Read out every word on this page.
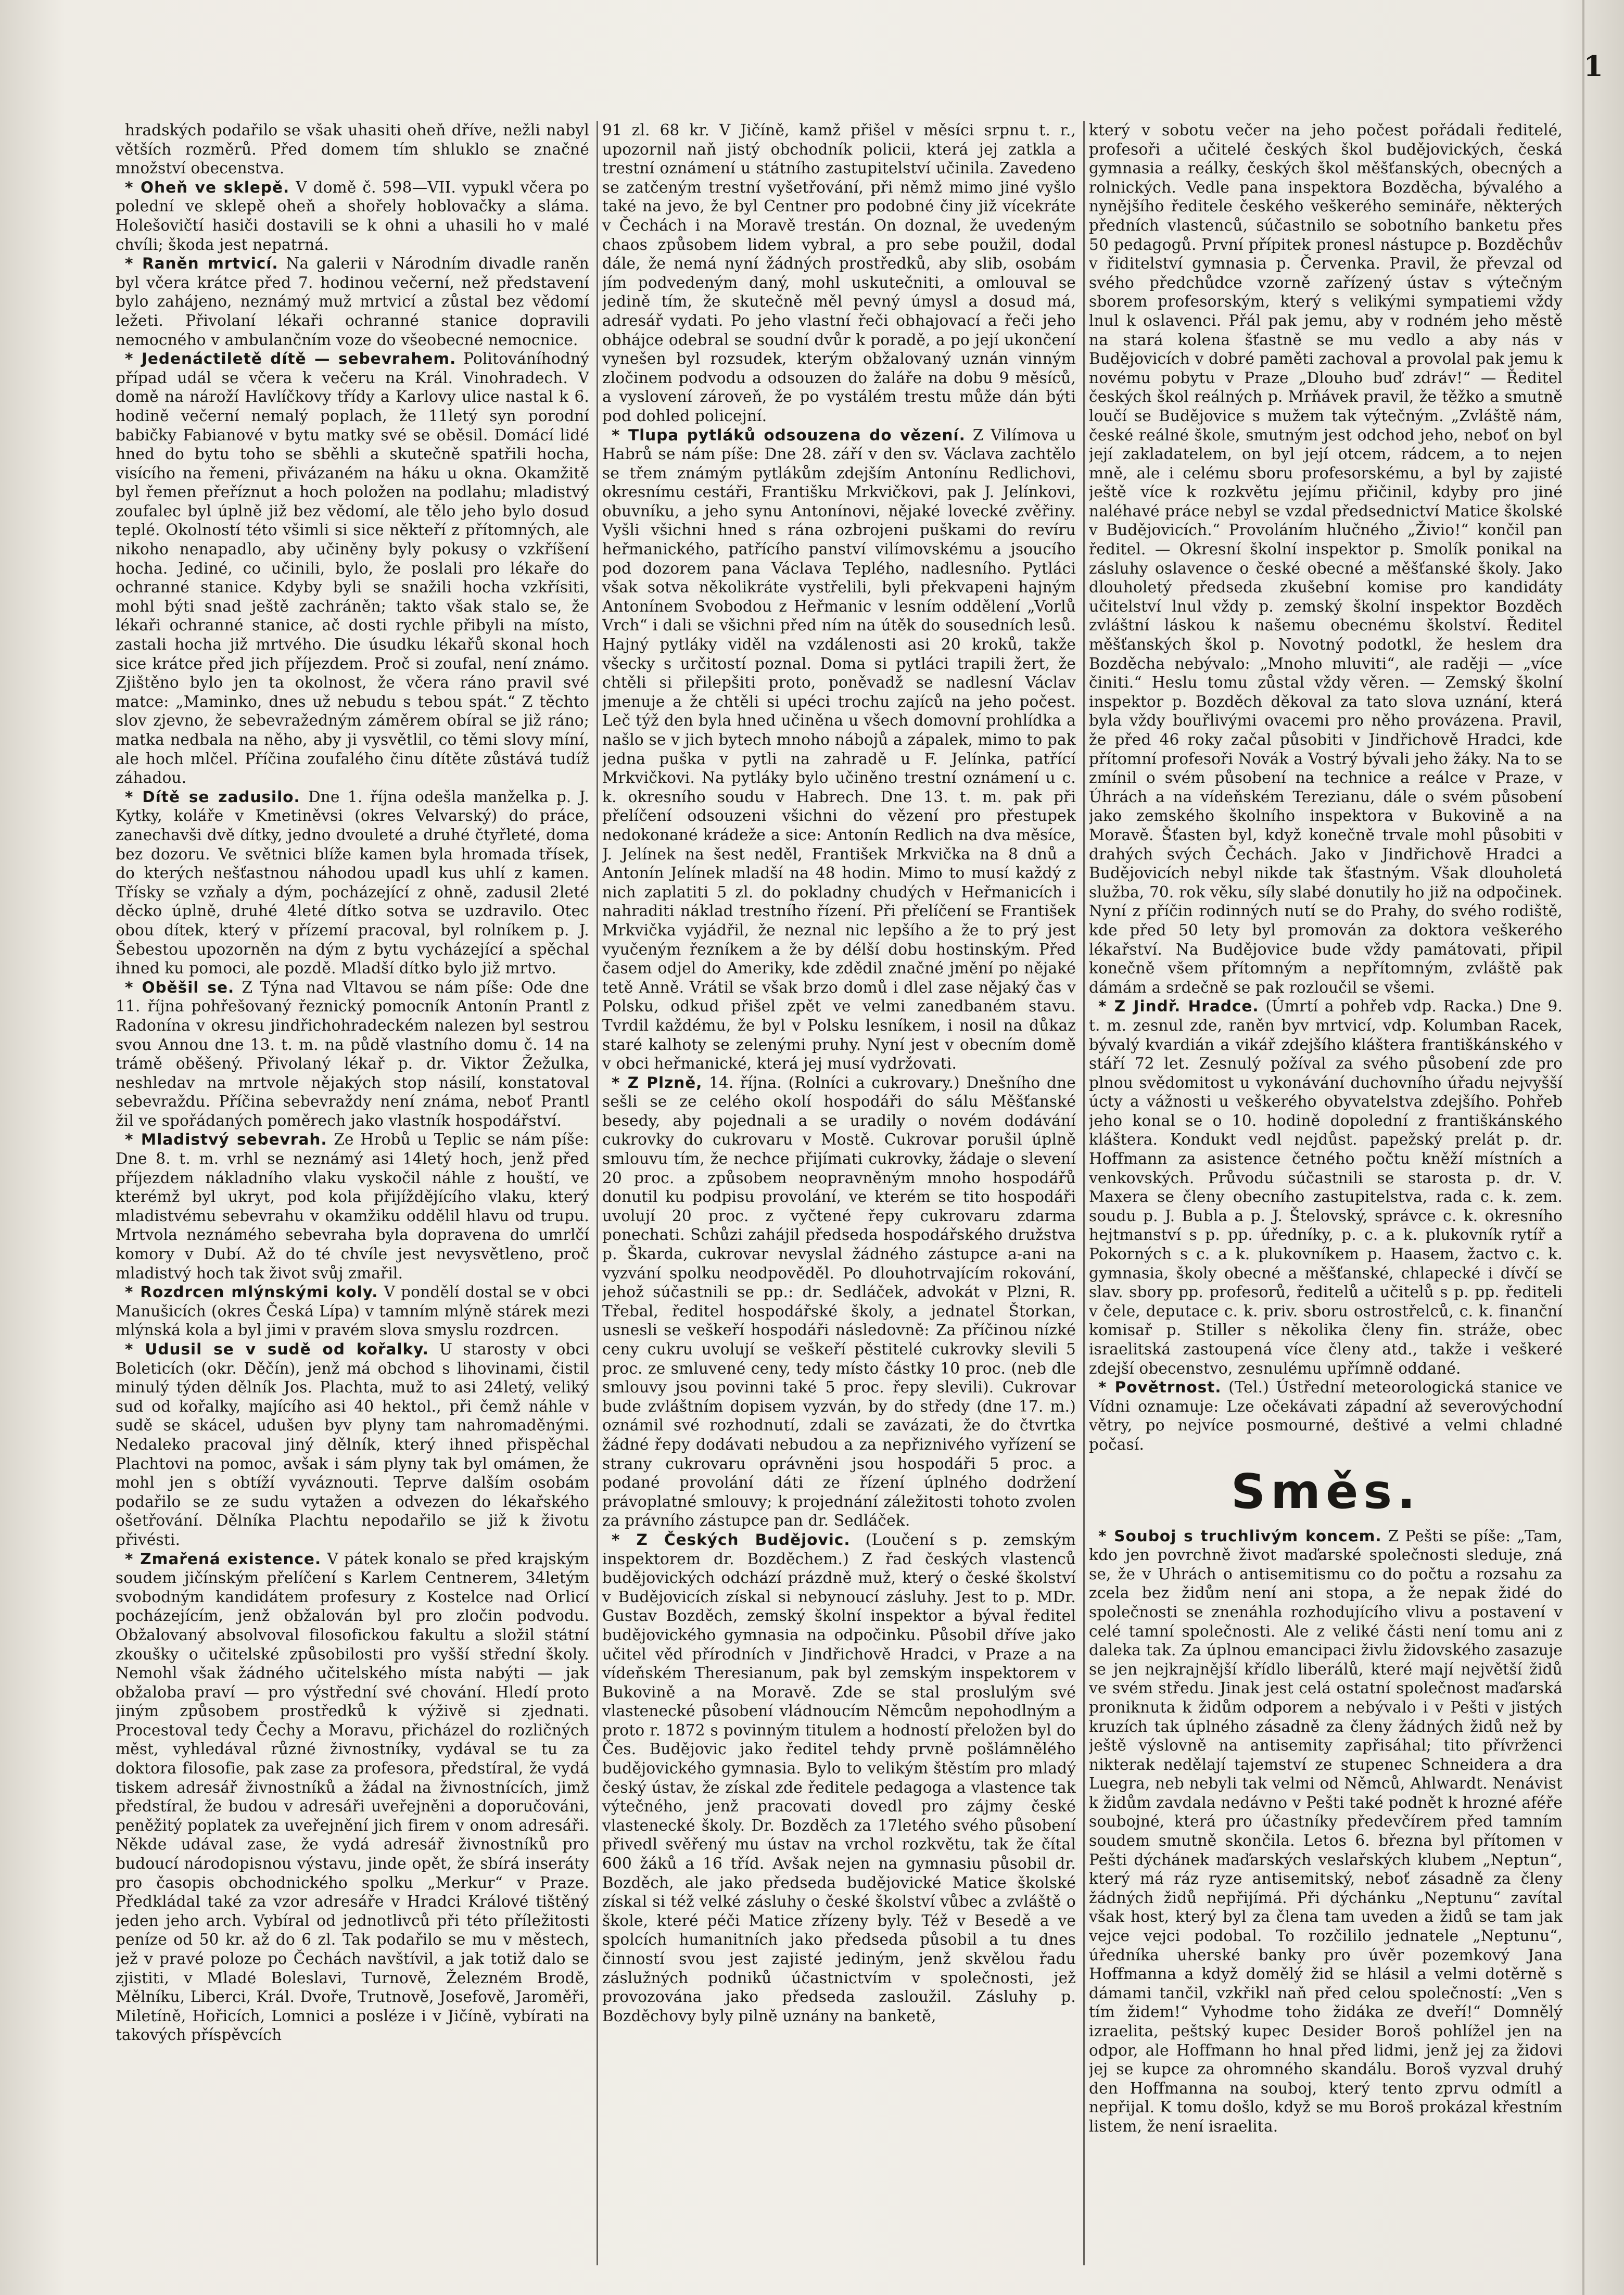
1

hradských podařilo se však uhasiti oheň dříve, nežli nabyl větších rozměrů. Před domem tím shluklo se značné množství obecenstva.

* Oheň ve sklepě. V domě č. 598—VII. vypukl včera po polední ve sklepě oheň a shořely hoblovačky a sláma. Holešovičtí hasiči dostavili se k ohni a uhasili ho v malé chvíli; škoda jest nepatrná.

* Raněn mrtvicí. Na galerii v Národním divadle raněn byl včera krátce před 7. hodinou večerní, než představení bylo zahájeno, neznámý muž mrtvicí a zůstal bez vědomí ležeti. Přivolaní lékaři ochranné stanice dopravili nemocného v ambulančním voze do všeobecné nemocnice.

* Jedenáctiletě dítě — sebevrahem. Politováníhodný případ udál se včera k večeru na Král. Vinohradech. V domě na nároží Havlíčkovy třídy a Karlovy ulice nastal k 6. hodině večerní nemalý poplach, že 11letý syn porodní babičky Fabianové v bytu matky své se oběsil. Domácí lidé hned do bytu toho se sběhli a skutečně spatřili hocha, visícího na řemeni, přivázaném na háku u okna. Okamžitě byl řemen přeříznut a hoch položen na podlahu; mladistvý zoufalec byl úplně již bez vědomí, ale tělo jeho bylo dosud teplé. Okolností této všimli si sice někteří z přítomných, ale nikoho nenapadlo, aby učiněny byly pokusy o vzkříšení hocha. Jediné, co učinili, bylo, že poslali pro lékaře do ochranné stanice. Kdyby byli se snažili hocha vzkřísiti, mohl býti snad ještě zachráněn; takto však stalo se, že lékaři ochranné stanice, ač dosti rychle přibyli na místo, zastali hocha již mrtvého. Die úsudku lékařů skonal hoch sice krátce před jich příjezdem. Proč si zoufal, není známo. Zjištěno bylo jen ta okolnost, že včera ráno pravil své matce: „Maminko, dnes už nebudu s tebou spát.“ Z těchto slov zjevno, že sebevražedným záměrem obíral se již ráno; matka nedbala na něho, aby ji vysvětlil, co těmi slovy míní, ale hoch mlčel. Příčina zoufalého činu dítěte zůstává tudíž záhadou.

* Dítě se zadusilo. Dne 1. října odešla manželka p. J. Kytky, koláře v Kmetiněvsi (okres Velvarský) do práce, zanechavši dvě dítky, jedno dvouleté a druhé čtyřleté, doma bez dozoru. Ve světnici blíže kamen byla hromada třísek, do kterých nešťastnou náhodou upadl kus uhlí z kamen. Třísky se vzňaly a dým, pocházející z ohně, zadusil 2leté děcko úplně, druhé 4leté dítko sotva se uzdravilo. Otec obou dítek, který v přízemí pracoval, byl rolníkem p. J. Šebestou upozorněn na dým z bytu vycházející a spěchal ihned ku pomoci, ale pozdě. Mladší dítko bylo již mrtvo.

* Oběšil se. Z Týna nad Vltavou se nám píše: Ode dne 11. října pohřešovaný řeznický pomocník Antonín Prantl z Radonína v okresu jindřichohradeckém nalezen byl sestrou svou Annou dne 13. t. m. na půdě vlastního domu č. 14 na trámě oběšený. Přivolaný lékař p. dr. Viktor Žežulka, neshledav na mrtvole nějakých stop násilí, konstatoval sebevraždu. Příčina sebevraždy není známa, neboť Prantl žil ve spořádaných poměrech jako vlastník hospodářství.

* Mladistvý sebevrah. Ze Hrobů u Teplic se nám píše: Dne 8. t. m. vrhl se neznámý asi 14letý hoch, jenž před příjezdem nákladního vlaku vyskočil náhle z houští, ve kterémž byl ukryt, pod kola přijíždějícího vlaku, který mladistvému sebevrahu v okamžiku oddělil hlavu od trupu. Mrtvola neznámého sebevraha byla dopravena do umrlčí komory v Dubí. Až do té chvíle jest nevysvětleno, proč mladistvý hoch tak život svůj zmařil.

* Rozdrcen mlýnskými koly. V pondělí dostal se v obci Manušicích (okres Česká Lípa) v tamním mlýně stárek mezi mlýnská kola a byl jimi v pravém slova smyslu rozdrcen.

* Udusil se v sudě od kořalky. U starosty v obci Boleticích (okr. Děčín), jenž má obchod s lihovinami, čistil minulý týden dělník Jos. Plachta, muž to asi 24letý, veliký sud od kořalky, majícího asi 40 hektol., při čemž náhle v sudě se skácel, udušen byv plyny tam nahromaděnými. Nedaleko pracoval jiný dělník, který ihned přispěchal Plachtovi na pomoc, avšak i sám plyny tak byl omámen, že mohl jen s obtíží vyváznouti. Teprve dalším osobám podařilo se ze sudu vytažen a odvezen do lékařského ošetřování. Dělníka Plachtu nepodařilo se již k životu přivésti.

* Zmařená existence. V pátek konalo se před krajským soudem jičínským přelíčení s Karlem Centnerem, 34letým svobodným kandidátem profesury z Kostelce nad Orlicí pocházejícím, jenž obžalován byl pro zločin podvodu. Obžalovaný absolvoval filosofickou fakultu a složil státní zkoušky o učitelské způsobilosti pro vyšší střední školy. Nemohl však žádného učitelského místa nabýti — jak obžaloba praví — pro výstřední své chování. Hledí proto jiným způsobem prostředků k výživě si zjednati. Procestoval tedy Čechy a Moravu, přicházel do rozličných měst, vyhledával různé živnostníky, vydával se tu za doktora filosofie, pak zase za profesora, předstíral, že vydá tiskem adresář živnostníků a žádal na živnostnících, jimž předstíral, že budou v adresáři uveřejněni a doporučováni, peněžitý poplatek za uveřejnění jich firem v onom adresáři. Někde udával zase, že vydá adresář živnostníků pro budoucí národopisnou výstavu, jinde opět, že sbírá inseráty pro časopis obchodnického spolku „Merkur“ v Praze. Předkládal také za vzor adresáře v Hradci Králové tištěný jeden jeho arch. Vybíral od jednotlivců při této příležitosti peníze od 50 kr. až do 6 zl. Tak podařilo se mu v městech, jež v pravé poloze po Čechách navštívil, a jak totiž dalo se zjistiti, v Mladé Boleslavi, Turnově, Železném Brodě, Mělníku, Liberci, Král. Dvoře, Trutnově, Josefově, Jaroměři, Miletíně, Hořicích, Lomnici a posléze i v Jičíně, vybírati na takových příspěvcích

91 zl. 68 kr. V Jičíně, kamž přišel v měsíci srpnu t. r., upozornil naň jistý obchodník policii, která jej zatkla a trestní oznámení u státního zastupitelství učinila. Zavedeno se zatčeným trestní vyšetřování, při němž mimo jiné vyšlo také na jevo, že byl Centner pro podobné činy již vícekráte v Čechách i na Moravě trestán. On doznal, že uvedeným chaos způsobem lidem vybral, a pro sebe použil, dodal dále, že nemá nyní žádných prostředků, aby slib, osobám jím podvedeným daný, mohl uskutečniti, a omlouval se jedině tím, že skutečně měl pevný úmysl a dosud má, adresář vydati. Po jeho vlastní řeči obhajovací a řeči jeho obhájce odebral se soudní dvůr k poradě, a po její ukončení vynešen byl rozsudek, kterým obžalovaný uznán vinným zločinem podvodu a odsouzen do žaláře na dobu 9 měsíců, a vyslovení zároveň, že po vystálém trestu může dán býti pod dohled policejní.

* Tlupa pytláků odsouzena do vězení. Z Vilímova u Habrů se nám píše: Dne 28. září v den sv. Václava zachtělo se třem známým pytlákům zdejším Antonínu Redlichovi, okresnímu cestáři, Františku Mrkvičkovi, pak J. Jelínkovi, obuvníku, a jeho synu Antonínovi, nějaké lovecké zvěřiny. Vyšli všichni hned s rána ozbrojeni puškami do revíru heřmanického, patřícího panství vilímovskému a jsoucího pod dozorem pana Václava Teplého, nadlesního. Pytláci však sotva několikráte vystřelili, byli překvapeni hajným Antonínem Svobodou z Heřmanic v lesním oddělení „Vorlů Vrch“ i dali se všichni před ním na útěk do sousedních lesů. Hajný pytláky viděl na vzdálenosti asi 20 kroků, takže všecky s určitostí poznal. Doma si pytláci trapili žert, že chtěli si přilepšiti proto, poněvadž se nadlesní Václav jmenuje a že chtěli si upéci trochu zajíců na jeho počest. Leč týž den byla hned učiněna u všech domovní prohlídka a našlo se v jich bytech mnoho nábojů a zápalek, mimo to pak jedna puška v pytli na zahradě u F. Jelínka, patřící Mrkvičkovi. Na pytláky bylo učiněno trestní oznámení u c. k. okresního soudu v Habrech. Dne 13. t. m. pak při přelíčení odsouzeni všichni do vězení pro přestupek nedokonané krádeže a sice: Antonín Redlich na dva měsíce, J. Jelínek na šest neděl, František Mrkvička na 8 dnů a Antonín Jelínek mladší na 48 hodin. Mimo to musí každý z nich zaplatiti 5 zl. do pokladny chudých v Heřmanicích i nahraditi náklad trestního řízení. Při přelíčení se František Mrkvička vyjádřil, že neznal nic lepšího a že to prý jest vyučeným řezníkem a že by délší dobu hostinským. Před časem odjel do Ameriky, kde zdědil značné jmění po nějaké tetě Anně. Vrátil se však brzo domů i dlel zase nějaký čas v Polsku, odkud přišel zpět ve velmi zanedbaném stavu. Tvrdil každému, že byl v Polsku lesníkem, i nosil na důkaz staré kalhoty se zelenými pruhy. Nyní jest v obecním domě v obci heřmanické, která jej musí vydržovati.

* Z Plzně, 14. října. (Rolníci a cukrovary.) Dnešního dne sešli se ze celého okolí hospodáři do sálu Měšťanské besedy, aby pojednali a se uradily o novém dodávání cukrovky do cukrovaru v Mostě. Cukrovar porušil úplně smlouvu tím, že nechce přijímati cukrovky, žádaje o slevení 20 proc. a způsobem neopravněným mnoho hospodářů donutil ku podpisu provolání, ve kterém se tito hospodáři uvolují 20 proc. z vyčtené řepy cukrovaru zdarma ponechati. Schůzi zahájil předseda hospodářského družstva p. Škarda, cukrovar nevyslal žádného zástupce a-ani na vyzvání spolku neodpověděl. Po dlouhotrvajícím rokování, jehož súčastnili se pp.: dr. Sedláček, advokát v Plzni, R. Třebal, ředitel hospodářské školy, a jednatel Štorkan, usnesli se veškeří hospodáři následovně: Za příčinou nízké ceny cukru uvolují se veškeří pěstitelé cukrovky slevili 5 proc. ze smluvené ceny, tedy místo částky 10 proc. (neb dle smlouvy jsou povinni také 5 proc. řepy slevili). Cukrovar bude zvláštním dopisem vyzván, by do středy (dne 17. m.) oznámil své rozhodnutí, zdali se zavázati, že do čtvrtka žádné řepy dodávati nebudou a za nepřiznivého vyřízení se strany cukrovaru oprávněni jsou hospodáři 5 proc. a podané provolání dáti ze řízení úplného dodržení právoplatné smlouvy; k projednání záležitosti tohoto zvolen za právního zástupce pan dr. Sedláček.

* Z Českých Budějovic. (Loučení s p. zemským inspektorem dr. Bozděchem.) Z řad českých vlastenců budějovických odchází prázdně muž, který o české školství v Budějovicích získal si nebynoucí zásluhy. Jest to p. MDr. Gustav Bozděch, zemský školní inspektor a býval ředitel budějovického gymnasia na odpočinku. Působil dříve jako učitel věd přírodních v Jindřichově Hradci, v Praze a na vídeňském Theresianum, pak byl zemským inspektorem v Bukovině a na Moravě. Zde se stal proslulým své vlastenecké působení vládnoucím Němcům nepohodlným a proto r. 1872 s povinným titulem a hodností přeložen byl do Čes. Budějovic jako ředitel tehdy prvně pošlámnělého budějovického gymnasia. Bylo to velikým štěstím pro mladý český ústav, že získal zde ředitele pedagoga a vlastence tak výtečného, jenž pracovati dovedl pro zájmy české vlastenecké školy. Dr. Bozděch za 17letého svého působení přivedl svěřený mu ústav na vrchol rozkvětu, tak že čítal 600 žáků a 16 tříd. Avšak nejen na gymnasiu působil dr. Bozděch, ale jako předseda budějovické Matice školské získal si též velké zásluhy o české školství vůbec a zvláště o škole, které péči Matice zřízeny byly. Též v Besedě a ve spolcích humanitních jako předseda působil a tu dnes činností svou jest zajisté jediným, jenž skvělou řadu záslužných podniků účastnictvím v společnosti, jež provozována jako předseda zasloužil. Zásluhy p. Bozděchovy byly pilně uznány na banketě,

který v sobotu večer na jeho počest pořádali ředitelé, profesoři a učitelé českých škol budějovických, česká gymnasia a reálky, českých škol měšťanských, obecných a rolnických. Vedle pana inspektora Bozděcha, bývalého a nynějšího ředitele českého veškerého semináře, některých předních vlastenců, súčastnilo se sobotního banketu přes 50 pedagogů. První přípitek pronesl nástupce p. Bozděchův v řiditelství gymnasia p. Červenka. Pravil, že převzal od svého předchůdce vzorně zařízený ústav s výtečným sborem profesorským, který s velikými sympatiemi vždy lnul k oslavenci. Přál pak jemu, aby v rodném jeho městě na stará kolena šťastně se mu vedlo a aby nás v Budějovicích v dobré paměti zachoval a provolal pak jemu k novému pobytu v Praze „Dlouho buď zdráv!“ — Ředitel českých škol reálných p. Mrňávek pravil, že těžko a smutně loučí se Budějovice s mužem tak výtečným. „Zvláště nám, české reálné škole, smutným jest odchod jeho, neboť on byl její zakladatelem, on byl její otcem, rádcem, a to nejen mně, ale i celému sboru profesorskému, a byl by zajisté ještě více k rozkvětu jejímu přičinil, kdyby pro jiné naléhavé práce nebyl se vzdal předsednictví Matice školské v Budějovicích.“ Provoláním hlučného „Živio!“ končil pan ředitel. — Okresní školní inspektor p. Smolík ponikal na zásluhy oslavence o české obecné a měšťanské školy. Jako dlouholetý předseda zkušební komise pro kandidáty učitelství lnul vždy p. zemský školní inspektor Bozděch zvláštní láskou k našemu obecnému školství. Ředitel měšťanských škol p. Novotný podotkl, že heslem dra Bozděcha nebývalo: „Mnoho mluviti“, ale raději — „více činiti.“ Heslu tomu zůstal vždy věren. — Zemský školní inspektor p. Bozděch děkoval za tato slova uznání, která byla vždy bouřlivými ovacemi pro něho provázena. Pravil, že před 46 roky začal působiti v Jindřichově Hradci, kde přítomní profesoři Novák a Vostrý bývali jeho žáky. Na to se zmínil o svém působení na technice a reálce v Praze, v Úhrách a na vídeňském Terezianu, dále o svém působení jako zemského školního inspektora v Bukovině a na Moravě. Šťasten byl, když konečně trvale mohl působiti v drahých svých Čechách. Jako v Jindřichově Hradci a Budějovicích nebyl nikde tak šťastným. Však dlouholetá služba, 70. rok věku, síly slabé donutily ho již na odpočinek. Nyní z příčin rodinných nutí se do Prahy, do svého rodiště, kde před 50 lety byl promován za doktora veškerého lékařství. Na Budějovice bude vždy památovati, připil konečně všem přítomným a nepřítomným, zvláště pak dámám a srdečně se pak rozloučil se všemi.

* Z Jindř. Hradce. (Úmrtí a pohřeb vdp. Racka.) Dne 9. t. m. zesnul zde, raněn byv mrtvicí, vdp. Kolumban Racek, bývalý kvardián a vikář zdejšího kláštera františkánského v stáří 72 let. Zesnulý požíval za svého působení zde pro plnou svědomitost u vykonávání duchovního úřadu nejvyšší úcty a vážnosti u veškerého obyvatelstva zdejšího. Pohřeb jeho konal se o 10. hodině dopolední z františkánského kláštera. Kondukt vedl nejdůst. papežský prelát p. dr. Hoffmann za asistence četného počtu kněží místních a venkovských. Průvodu súčastnili se starosta p. dr. V. Maxera se členy obecního zastupitelstva, rada c. k. zem. soudu p. J. Bubla a p. J. Štelovský, správce c. k. okresního hejtmanství s p. pp. úředníky, p. c. a k. plukovník rytíř a Pokorných s c. a k. plukovníkem p. Haasem, žactvo c. k. gymnasia, školy obecné a měšťanské, chlapecké i dívčí se slav. sbory pp. profesorů, ředitelů a učitelů s p. pp. řediteli v čele, deputace c. k. priv. sboru ostrostřelců, c. k. finanční komisař p. Stiller s několika členy fin. stráže, obec israelitská zastoupená více členy atd., takže i veškeré zdejší obecenstvo, zesnulému upřímně oddané.

* Povětrnost. (Tel.) Ústřední meteorologická stanice ve Vídni oznamuje: Lze očekávati západní až severovýchodní větry, po nejvíce posmourné, deštivé a velmi chladné počasí.

Směs.

* Souboj s truchlivým koncem. Z Pešti se píše: „Tam, kdo jen povrchně život maďarské společnosti sleduje, zná se, že v Uhrách o antisemitismu co do počtu a rozsahu za zcela bez židům není ani stopa, a že nepak židé do společnosti se znenáhla rozhodujícího vlivu a postavení v celé tamní společnosti. Ale z veliké části není tomu ani z daleka tak. Za úplnou emancipaci živlu židovského zasazuje se jen nejkrajnější křídlo liberálů, které mají největší židů ve svém středu. Jinak jest celá ostatní společnost maďarská proniknuta k židům odporem a nebývalo i v Pešti v jistých kruzích tak úplného zásadně za členy žádných židů než by ještě výslovně na antisemity zapřisáhal; tito přívrženci nikterak nedělají tajemství ze stupenec Schneidera a dra Luegra, neb nebyli tak velmi od Němců, Ahlwardt. Nenávist k židům zavdala nedávno v Pešti také podnět k hrozné aféře soubojné, která pro účastníky předevčírem před tamním soudem smutně skončila. Letos 6. března byl přítomen v Pešti dýchánek maďarských veslařských klubem „Neptun“, který má ráz ryze antisemitský, neboť zásadně za členy žádných židů nepřijímá. Při dýchánku „Neptunu“ zavítal však host, který byl za člena tam uveden a židů se tam jak vejce vejci podobal. To rozčililo jednatele „Neptunu“, úředníka uherské banky pro úvěr pozemkový Jana Hoffmanna a když domělý žid se hlásil a velmi dotěrně s dámami tančil, vzkřikl naň před celou společností: „Ven s tím židem!“ Vyhodme toho židáka ze dveří!“ Domnělý izraelita, peštský kupec Desider Boroš pohlížel jen na odpor, ale Hoffmann ho hnal před lidmi, jenž jej za židovi jej se kupce za ohromného skandálu. Boroš vyzval druhý den Hoffmanna na souboj, který tento zprvu odmítl a nepřijal. K tomu došlo, když se mu Boroš prokázal křestním listem, že není israelita.
